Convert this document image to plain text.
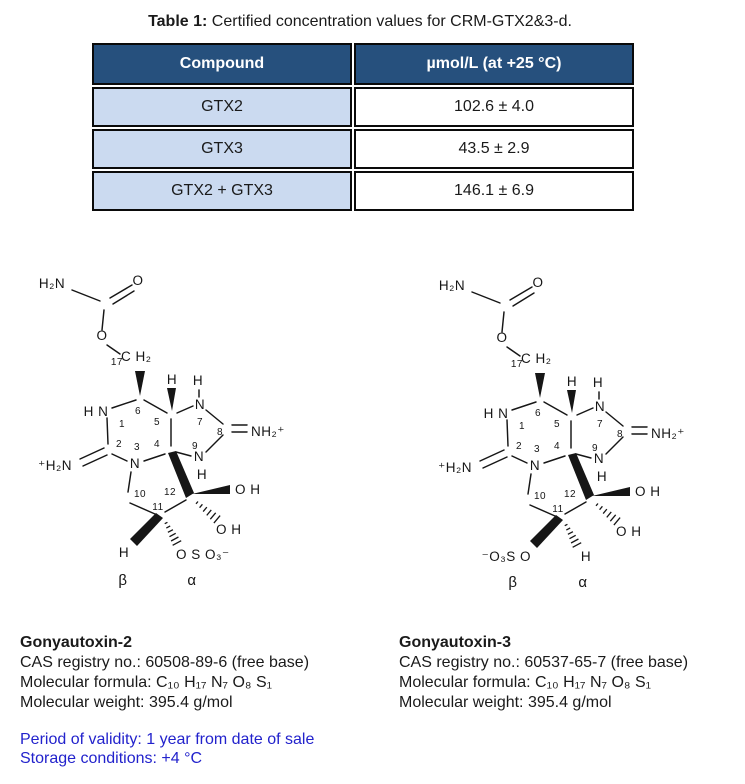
Table 1: Certified concentration values for CRM-GTX2&3-d.
Compound	µmol/L (at +25 °C)
GTX2	102.6 ± 4.0
GTX3	43.5 ± 2.9
GTX2 + GTX3	146.1 ± 6.9
H₂N	O
O
17
C H₂
H H
N
H N
N	N
H
NH₂⁺
⁺H₂N
O H
O H
1
2 3 4
5
6
7
8
9
10
11
12
O S O₃⁻
H
β	α
H₂N	O
O
17
C H₂
H H
N
H N
N	N
H
NH₂⁺
⁺H₂N
O H
O H
1
2 3 4
5
6
7
8
9
10
11
12
⁻O₃S O	H
β	α
Gonyautoxin-2
CAS registry no.: 60508-89-6 (free base)
Molecular formula: C₁₀ H₁₇ N₇ O₈ S₁
Molecular weight: 395.4 g/mol
Gonyautoxin-3
CAS registry no.: 60537-65-7 (free base)
Molecular formula: C₁₀ H₁₇ N₇ O₈ S₁
Molecular weight: 395.4 g/mol
Period of validity: 1 year from date of sale
Storage conditions: +4 °C
